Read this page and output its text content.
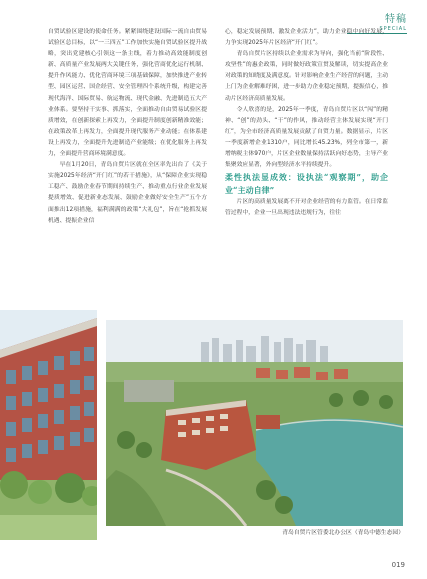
特稿
SPECIAL

自贸试验区建设的使命任务。紧紧围绕建设国际一流自由贸易试验区总目标，以“一三四五”工作加快实施自贸试验区提升战略，突出党建核心引领这一条主线，着力推动高效能制度创新、高质量产业发展两大关键任务，强化营商优化运行机制、提升作风能力、优化营商环境三项基础保障，加快推进产业转型、园区运营、国企经营、安全管理四个系统升级，构建完善现代海洋、国际贸易、航运物流、现代金融、先进制造五大产业体系。要坚持干实事、抓落实，全面推动自由贸易试验区提质增效，在创新探索上再发力，全面提升制度创新精准效能；在政策改革上再发力，全面提升现代服务产业动能；在体系建设上再发力，全面提升先进制造产业能级；在优化服务上再发力，全面提升营商环境满意度。

早在1月20日，青岛自贸片区就在全区率先出台了《关于实施2025年经济“开门红”的若干措施》，从“保障企业实现稳工稳产、鼓励企业春节期间持续生产、推动重点行业企业发展提质增效、促进新业态发展、鼓励企业做好安全生产”五个方面推出12项措施，福利满满的政策“大礼包”，旨在“抢抓发展机遇、提振企业信

心，稳定发展预期、激发企业活力”，助力企业稳中向好发展，力争实现2025年片区经济“开门红”。

青岛自贸片区持续以企业需求为导向，强化当前“阶段性、攻坚性”的惠企政策，同时做好政策宣贯及解读，切实提高企业对政策的知晓度及满意度。针对影响企业生产经营的问题，主动上门为企业解难纾困，进一步助力企业稳定预期，提振信心，推动片区经济高质量发展。

令人欣喜的是，2025年一季度，青岛自贸片区以“闯”的精神、“创”的劲头、“干”的作风，推动经营主体发展实现“开门红”，为全市经济高质量发展贡献了自贸力量。数据显示，片区一季度新增企业1310户，同比增长45.23%，列全市第一，新增纳税主体970户，片区企业数量保持活跃向好态势，主导产业集聚效应显著，外向型经济水平持续提升。

柔性执法显成效：设执法“观察期”，助企业“主动自律”

片区的高质量发展离不开对企业经营的有力监管。在日常监管过程中，企业一旦出现违法违规行为，往往

青岛自贸片区管委北办公区（青岛中德生态园）
019
